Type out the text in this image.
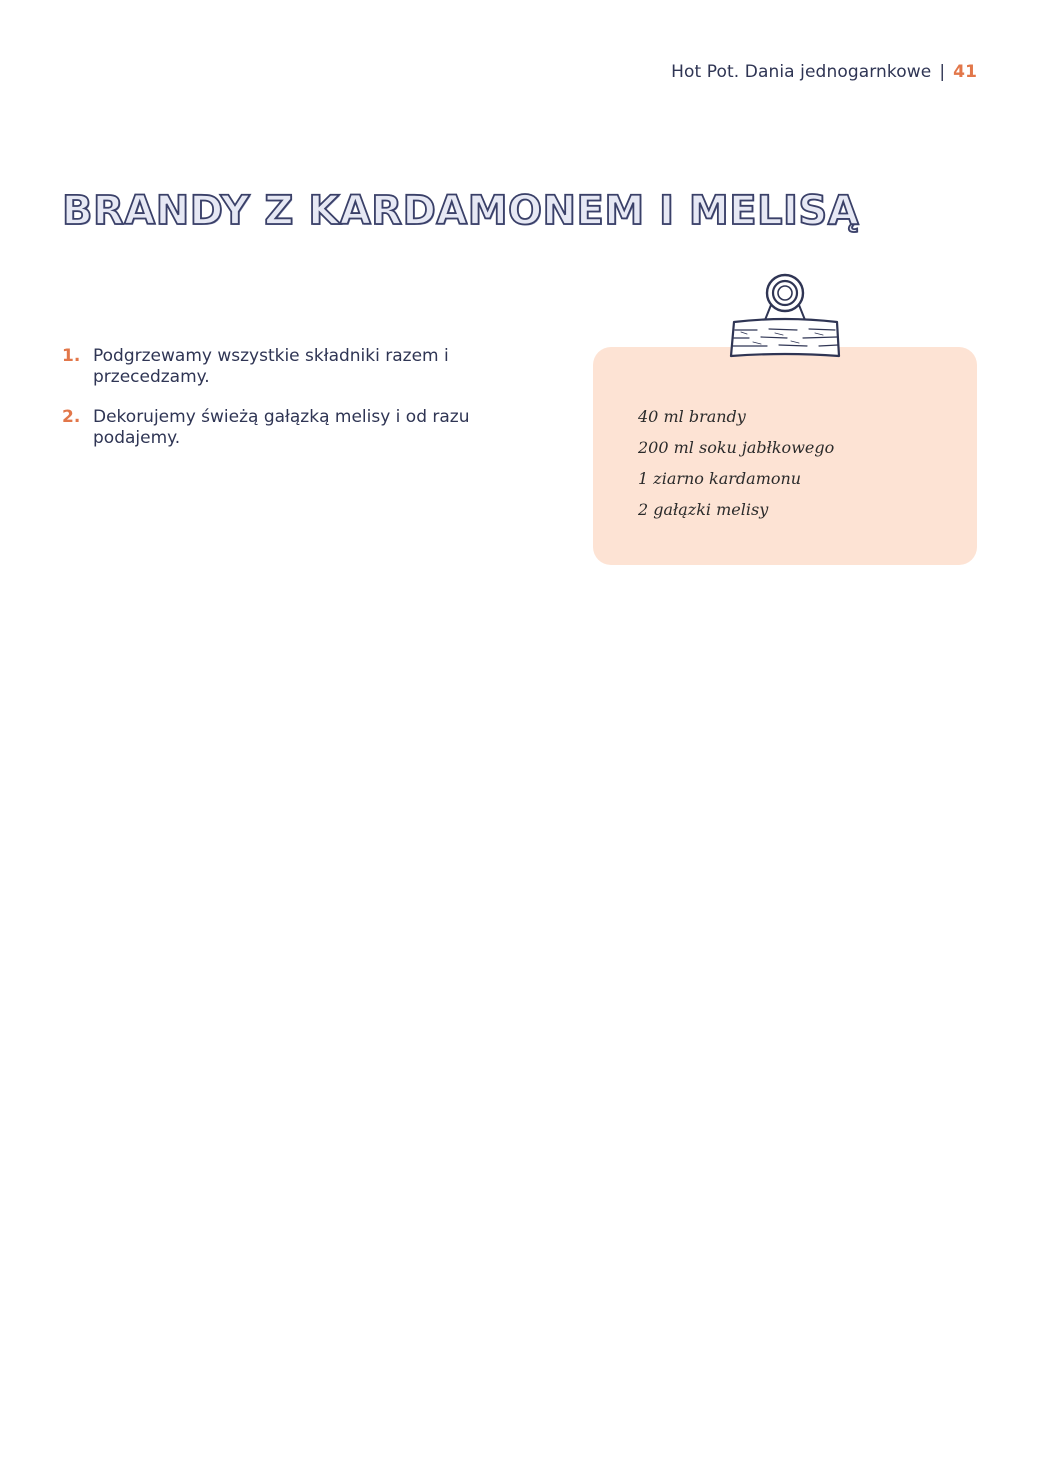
Hot Pot. Dania jednogarnkowe | 41
BRANDY Z KARDAMONEM I MELISĄ
1. Podgrzewamy wszystkie składniki razem i przecedzamy.
2. Dekorujemy świeżą gałązką melisy i od razu podajemy.
40 ml brandy
200 ml soku jabłkowego
1 ziarno kardamonu
2 gałązki melisy
